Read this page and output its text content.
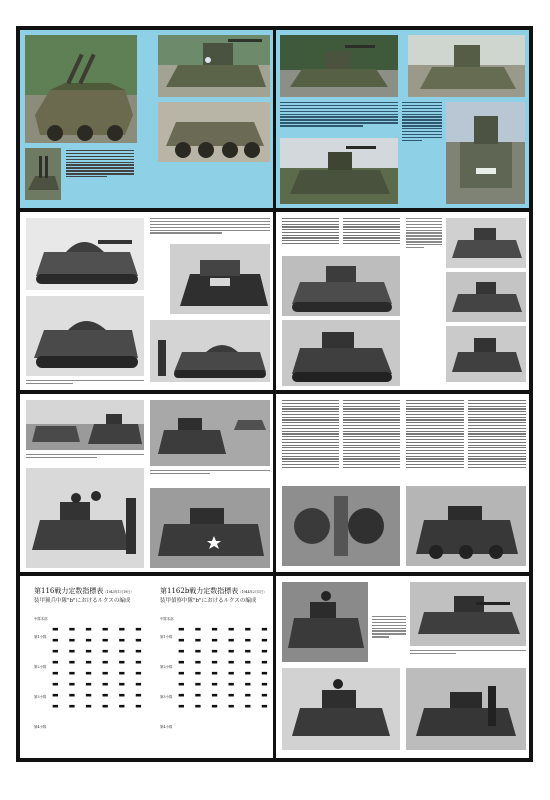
第116戦力定数指標表（1943年1月19日）
装甲猟兵中隊"b"におけるルクスの編成
中隊本部
第1小隊
第2小隊
第3小隊
第4小隊
▬ ▬ ▬ ▬ ▬ ▬
▬ ▬ ▬ ▬ ▬ ▬
▬ ▬ ▬ ▬ ▬ ▬
▬ ▬ ▬ ▬ ▬ ▬
▬ ▬ ▬ ▬ ▬ ▬
▬ ▬ ▬ ▬ ▬ ▬
▬ ▬ ▬ ▬ ▬ ▬
▬ ▬ ▬ ▬ ▬ ▬
第1162b戦力定数指標表（1944年2月1日）
装甲偵察中隊"b"におけるルクスの編成
中隊本部
第1小隊
第2小隊
第3小隊
第4小隊
▬ ▬ ▬ ▬ ▬ ▬
▬ ▬ ▬ ▬ ▬ ▬
▬ ▬ ▬ ▬ ▬ ▬
▬ ▬ ▬ ▬ ▬ ▬
▬ ▬ ▬ ▬ ▬ ▬
▬ ▬ ▬ ▬ ▬ ▬
▬ ▬ ▬ ▬ ▬ ▬
▬ ▬ ▬ ▬ ▬ ▬
